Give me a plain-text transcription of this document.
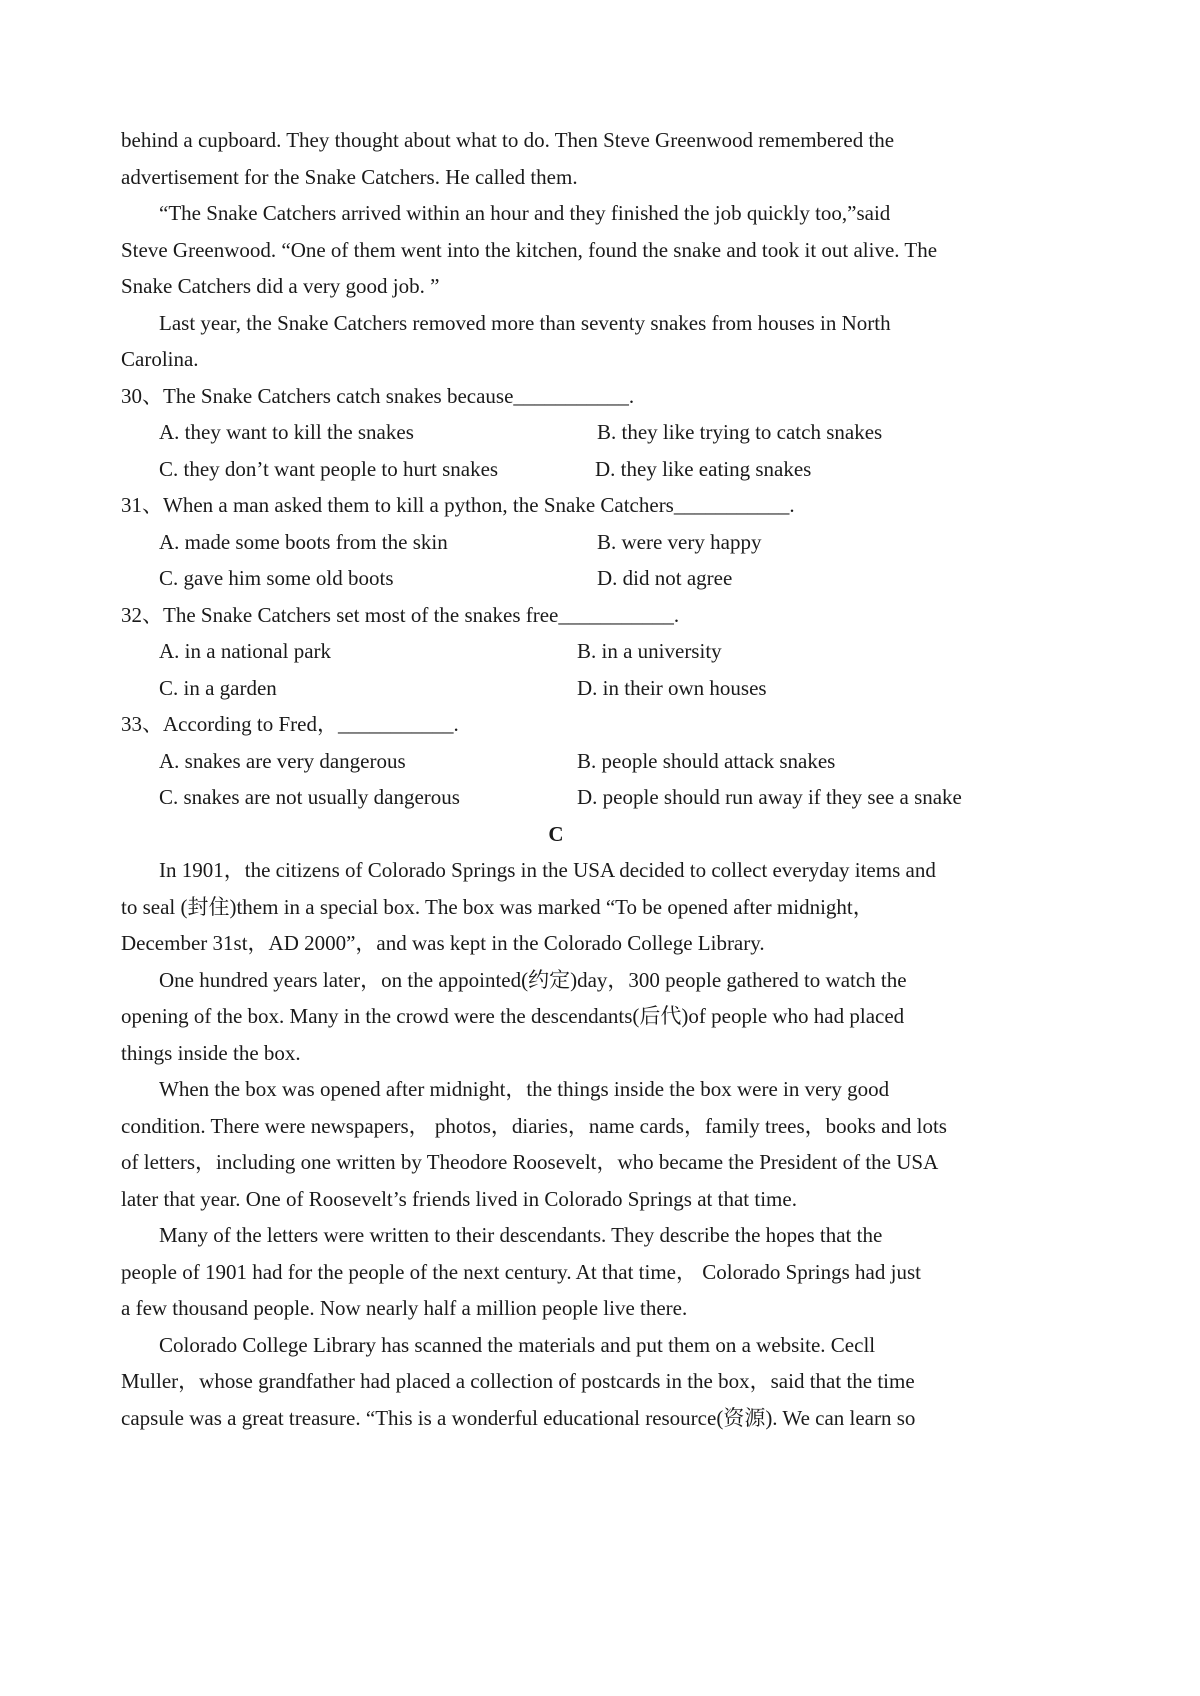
behind a cupboard. They thought about what to do. Then Steve Greenwood remembered the
advertisement for the Snake Catchers. He called them.
“The Snake Catchers arrived within an hour and they finished the job quickly too,”said
Steve Greenwood. “One of them went into the kitchen, found the snake and took it out alive. The
Snake Catchers did a very good job. ”
Last year, the Snake Catchers removed more than seventy snakes from houses in North
Carolina.
30、The Snake Catchers catch snakes because___________.
A. they want to kill the snakes	B. they like trying to catch snakes
C. they don’t want people to hurt snakes	D. they like eating snakes
31、When a man asked them to kill a python, the Snake Catchers___________.
A. made some boots from the skin	B. were very happy
C. gave him some old boots	D. did not agree
32、The Snake Catchers set most of the snakes free___________.
A. in a national park	B. in a university
C. in a garden	D. in their own houses
33、According to Fred，___________.
A. snakes are very dangerous	B. people should attack snakes
C. snakes are not usually dangerous	D. people should run away if they see a snake
C
In 1901，the citizens of Colorado Springs in the USA decided to collect everyday items and
to seal (封住)them in a special box. The box was marked “To be opened after midnight，
December 31st，AD 2000”，and was kept in the Colorado College Library.
One hundred years later，on the appointed(约定)day，300 people gathered to watch the
opening of the box. Many in the crowd were the descendants(后代)of people who had placed
things inside the box.
When the box was opened after midnight，the things inside the box were in very good
condition. There were newspapers， photos，diaries，name cards，family trees，books and lots
of letters，including one written by Theodore Roosevelt，who became the President of the USA
later that year. One of Roosevelt’s friends lived in Colorado Springs at that time.
Many of the letters were written to their descendants. They describe the hopes that the
people of 1901 had for the people of the next century. At that time， Colorado Springs had just
a few thousand people. Now nearly half a million people live there.
Colorado College Library has scanned the materials and put them on a website. Cecll
Muller，whose grandfather had placed a collection of postcards in the box，said that the time
capsule was a great treasure. “This is a wonderful educational resource(资源). We can learn so
